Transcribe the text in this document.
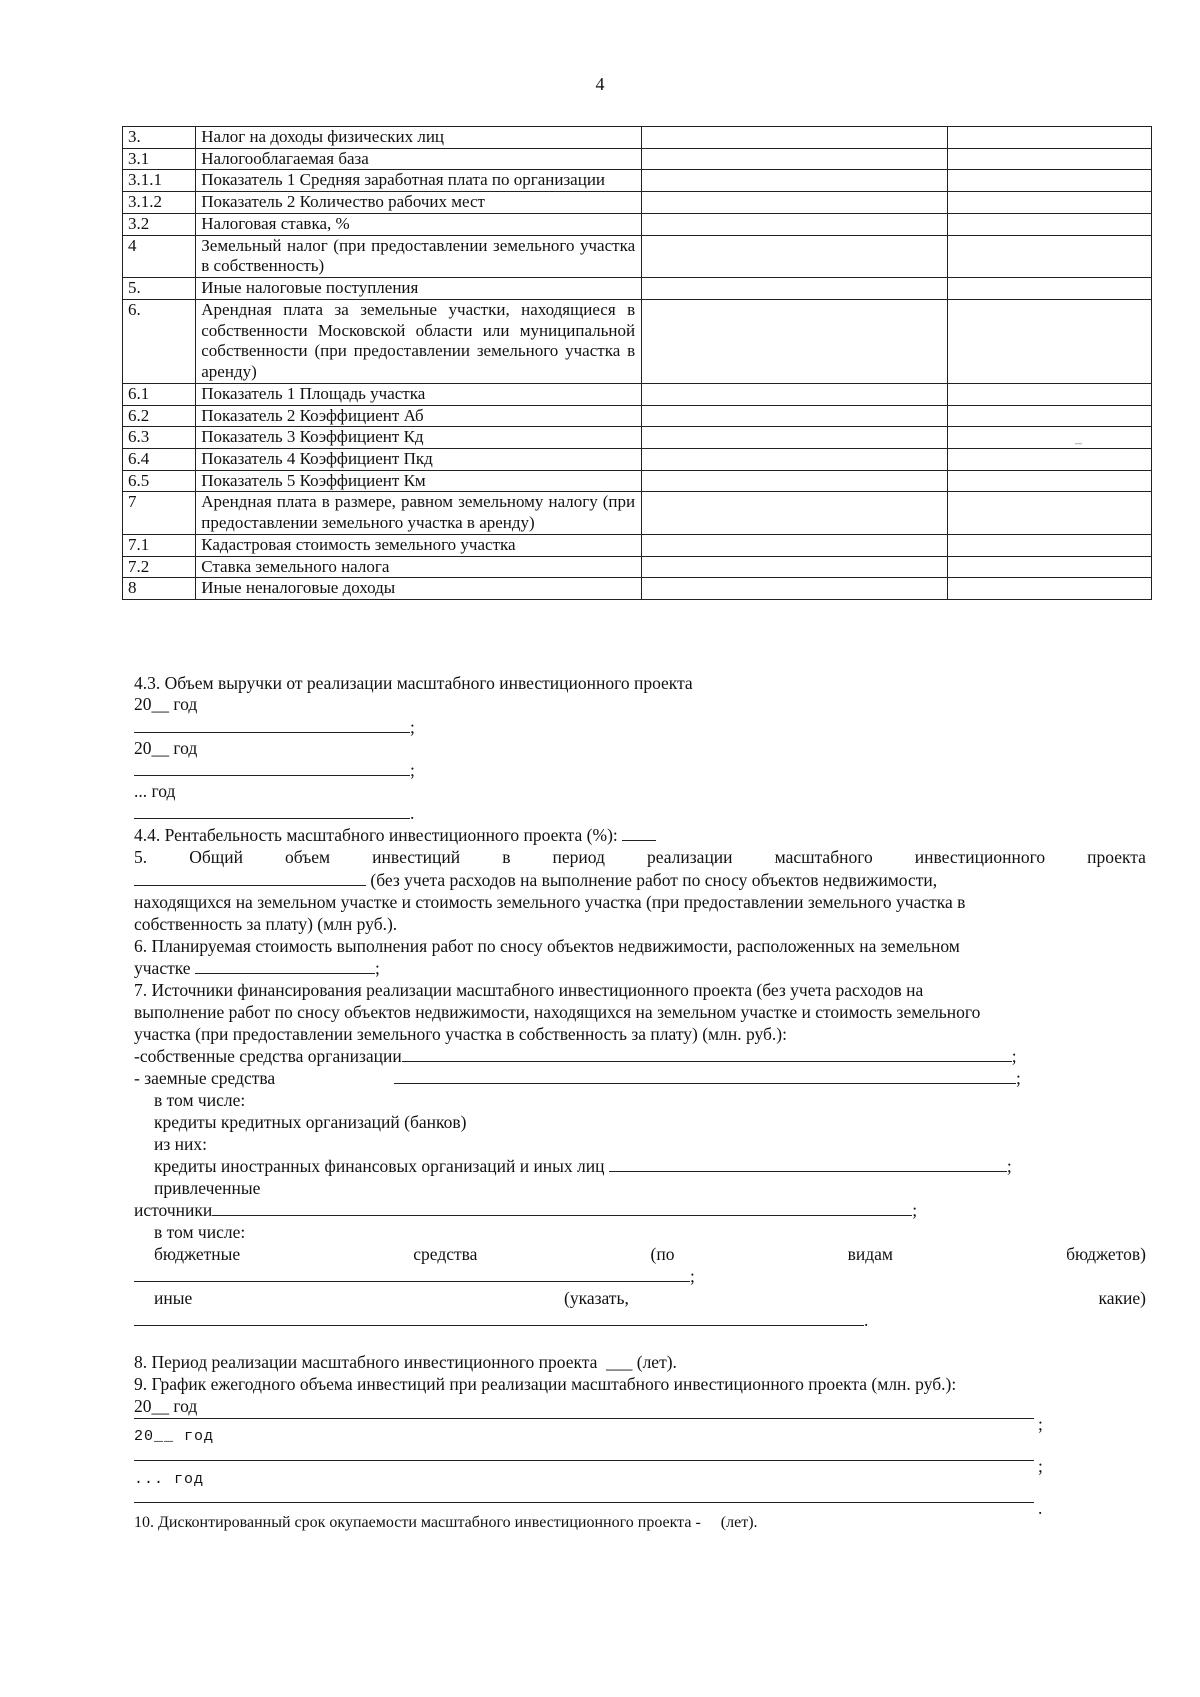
4
3.	Налог на доходы физических лиц		
3.1	Налогооблагаемая база		
3.1.1	Показатель 1 Средняя заработная плата по организации		
3.1.2	Показатель 2 Количество рабочих мест		
3.2	Налоговая ставка, %		
4	Земельный налог (при предоставлении земельного участка в собственность)		
5.	Иные налоговые поступления		
6.	Арендная плата за земельные участки, находящиеся в собственности Московской области или муниципальной собственности (при предоставлении земельного участка в аренду)		
6.1	Показатель 1 Площадь участка		
6.2	Показатель 2 Коэффициент Аб		
6.3	Показатель 3 Коэффициент Кд		
6.4	Показатель 4 Коэффициент Пкд		
6.5	Показатель 5 Коэффициент Км		
7	Арендная плата в размере, равном земельному налогу (при предоставлении земельного участка в аренду)		
7.1	Кадастровая стоимость земельного участка		
7.2	Ставка земельного налога		
8	Иные неналоговые доходы		
4.3. Объем выручки от реализации масштабного инвестиционного проекта
20__ год
;
20__ год
;
... год
.
4.4. Рентабельность масштабного инвестиционного проекта (%):
5. Общий объем инвестиций в период реализации масштабного инвестиционного проекта
(без учета расходов на выполнение работ по сносу объектов недвижимости,
находящихся на земельном участке и стоимость земельного участка (при предоставлении земельного участка в
собственность за плату) (млн руб.).
6. Планируемая стоимость выполнения работ по сносу объектов недвижимости, расположенных на земельном
участке	;
7. Источники финансирования реализации масштабного инвестиционного проекта (без учета расходов на
выполнение работ по сносу объектов недвижимости, находящихся на земельном участке и стоимость земельного
участка (при предоставлении земельного участка в собственность за плату) (млн. руб.):
-собственные средства организации	;
- заемные средства	;
в том числе:
кредиты кредитных организаций (банков)
из них:
кредиты иностранных финансовых организаций и иных лиц	;
привлеченные
источники	;
в том числе:
бюджетные	средства	(по	видам	бюджетов)
;
иные	(указать,	какие)
.
8. Период реализации масштабного инвестиционного проекта ___ (лет).
9. График ежегодного объема инвестиций при реализации масштабного инвестиционного проекта (млн. руб.):
20__ год
;
20__ год
;
... год
.
10. Дисконтированный срок окупаемости масштабного инвестиционного проекта - (лет).
–
